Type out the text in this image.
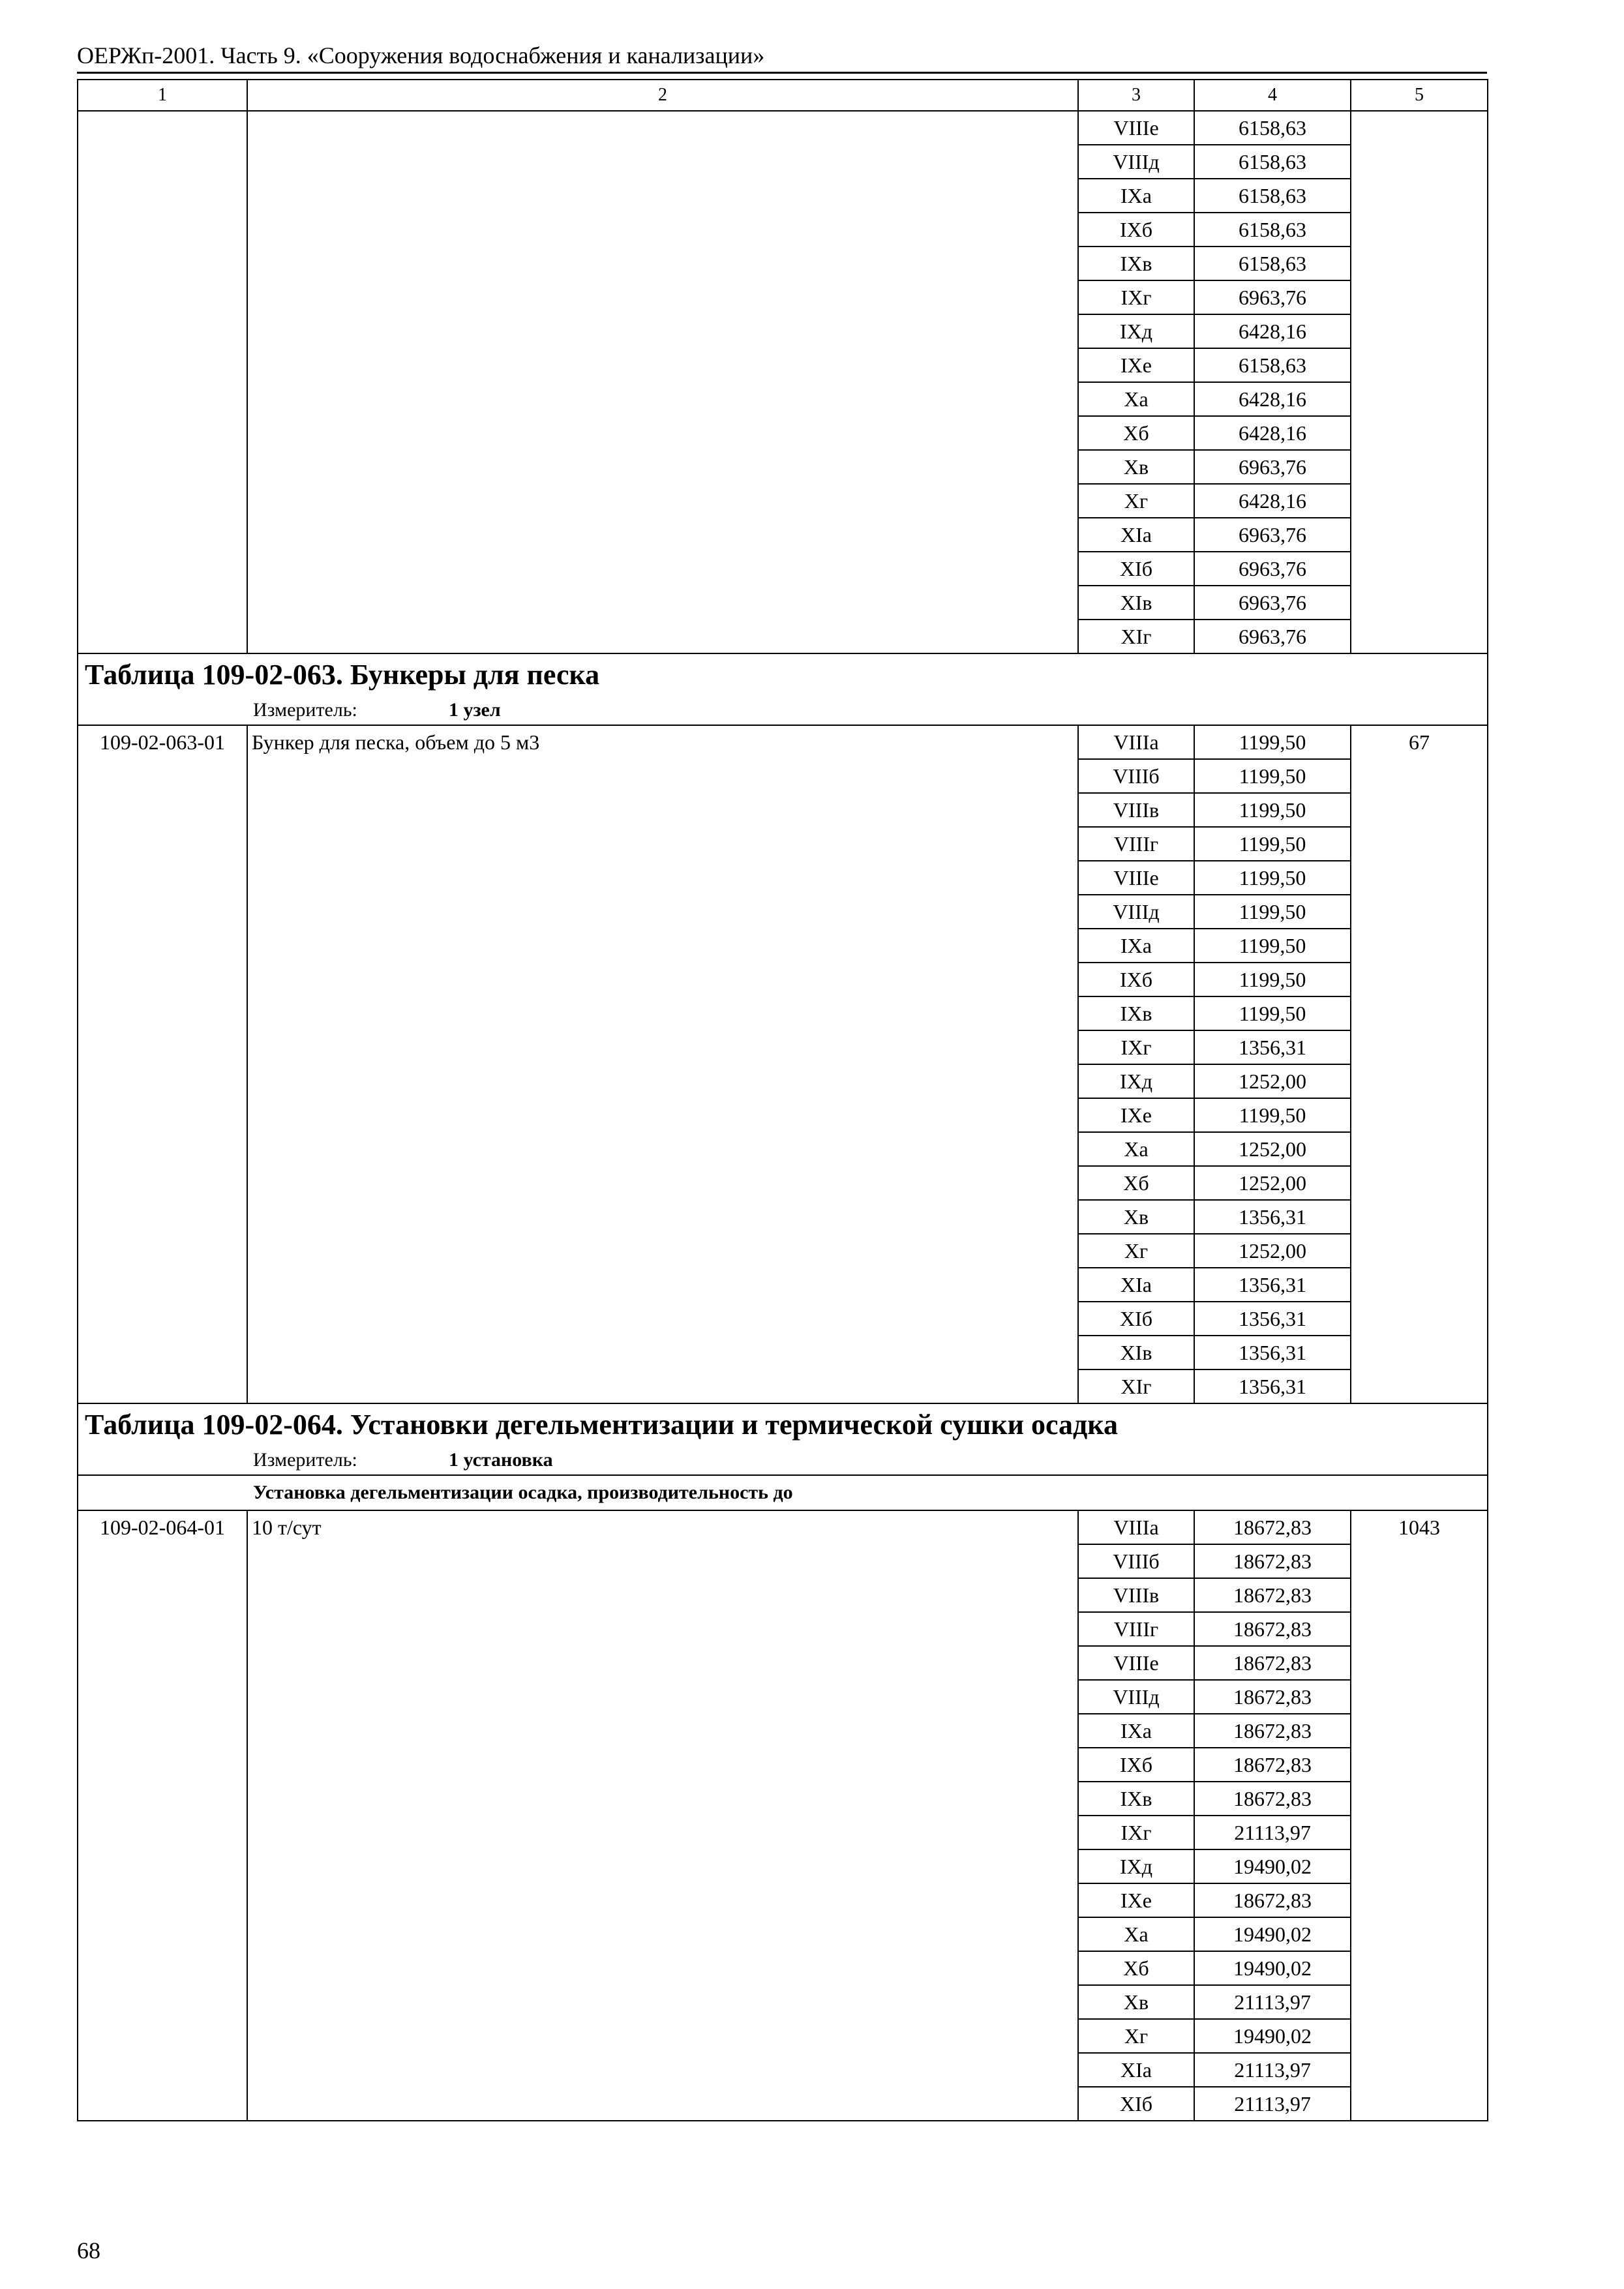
ОЕРЖп-2001. Часть 9. «Сооружения водоснабжения и канализации»
1	2	3	4	5
		VIIIе	6158,63	
		VIIIд	6158,63	
		IXа	6158,63	
		IXб	6158,63	
		IXв	6158,63	
		IXг	6963,76	
		IXд	6428,16	
		IXе	6158,63	
		Xа	6428,16	
		Xб	6428,16	
		Xв	6963,76	
		Xг	6428,16	
		XIа	6963,76	
		XIб	6963,76	
		XIв	6963,76	
		XIг	6963,76	
Таблица 109-02-063. Бункеры для песка				
Измеритель: 1 узел				
109-02-063-01	Бункер для песка, объем до 5 м3	VIIIа	1199,50	67
		VIIIб	1199,50	
		VIIIв	1199,50	
		VIIIг	1199,50	
		VIIIе	1199,50	
		VIIIд	1199,50	
		IXа	1199,50	
		IXб	1199,50	
		IXв	1199,50	
		IXг	1356,31	
		IXд	1252,00	
		IXе	1199,50	
		Xа	1252,00	
		Xб	1252,00	
		Xв	1356,31	
		Xг	1252,00	
		XIа	1356,31	
		XIб	1356,31	
		XIв	1356,31	
		XIг	1356,31	
Таблица 109-02-064. Установки дегельментизации и термической сушки осадка				
Измеритель: 1 установка				
Установка дегельментизации осадка, производительность до				
109-02-064-01	10 т/сут	VIIIа	18672,83	1043
		VIIIб	18672,83	
		VIIIв	18672,83	
		VIIIг	18672,83	
		VIIIе	18672,83	
		VIIIд	18672,83	
		IXа	18672,83	
		IXб	18672,83	
		IXв	18672,83	
		IXг	21113,97	
		IXд	19490,02	
		IXе	18672,83	
		Xа	19490,02	
		Xб	19490,02	
		Xв	21113,97	
		Xг	19490,02	
		XIа	21113,97	
		XIб	21113,97	
68
